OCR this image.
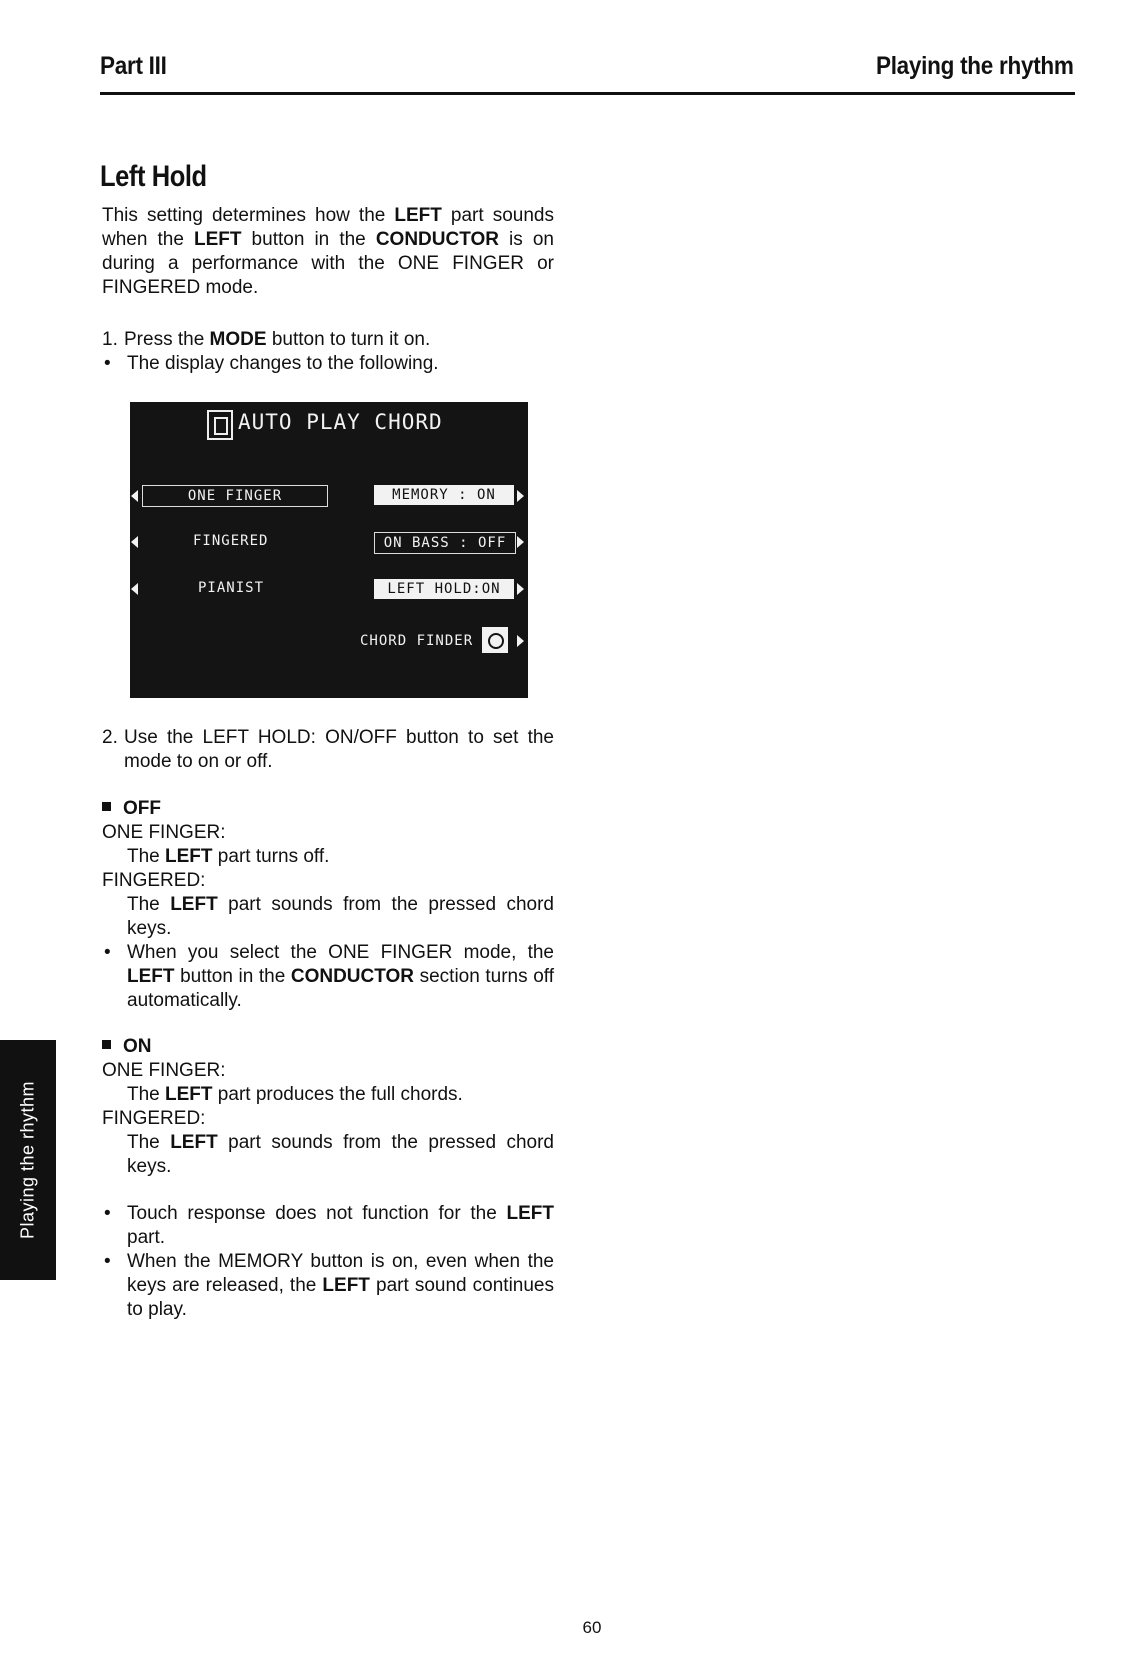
Part III	Playing the rhythm
Left Hold
This setting determines how the LEFT part sounds when the LEFT button in the CONDUCTOR is on during a performance with the ONE FINGER or FINGERED mode.

1. Press the MODE button to turn it on.

• The display changes to the following.

AUTO PLAY CHORD
ONE FINGER
FINGERED
PIANIST
MEMORY : ON
ON BASS : OFF
LEFT HOLD:ON
CHORD FINDER

2. Use the LEFT HOLD: ON/OFF button to set the mode to on or off.

OFF

ONE FINGER:

The LEFT part turns off.

FINGERED:

The LEFT part sounds from the pressed chord keys.

• When you select the ONE FINGER mode, the LEFT button in the CONDUCTOR section turns off automatically.

ON

ONE FINGER:

The LEFT part produces the full chords.

FINGERED:

The LEFT part sounds from the pressed chord keys.

• Touch response does not function for the LEFT part.

• When the MEMORY button is on, even when the keys are released, the LEFT part sound continues to play.

Playing the rhythm
60
